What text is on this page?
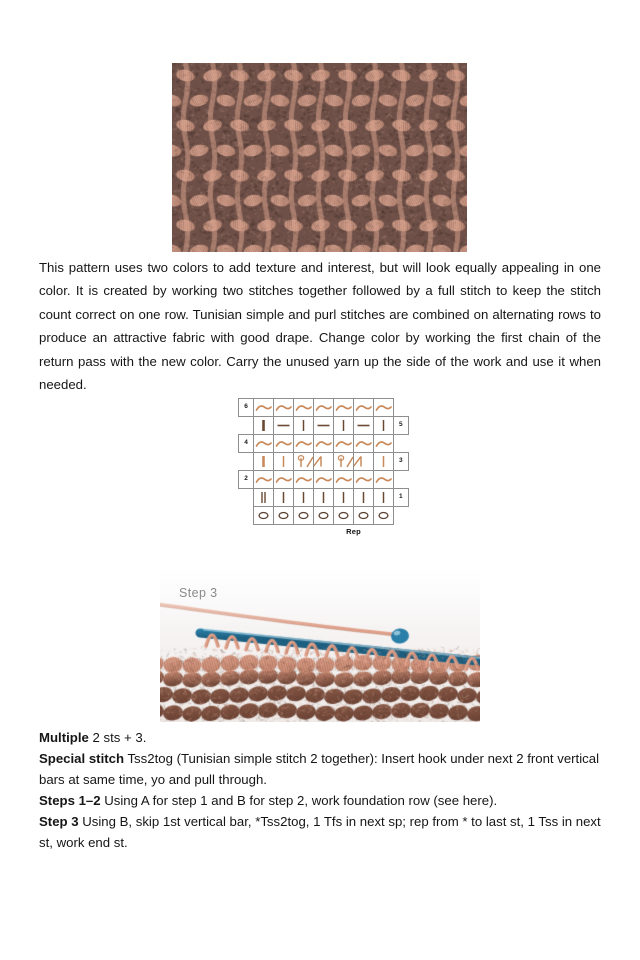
This pattern uses two colors to add texture and interest, but will look equally appealing in one color. It is created by working two stitches together followed by a full stitch to keep the stitch count correct on one row. Tunisian simple and purl stitches are combined on alternating rows to produce an attractive fabric with good drape. Change color by working the first chain of the return pass with the new color. Carry the unused yarn up the side of the work and use it when needed.
6	

	5
4	

	3
2	

	1

					Rep			
Step 3

Multiple 2 sts + 3.

Special stitch Tss2tog (Tunisian simple stitch 2 together): Insert hook under next 2 front vertical bars at same time, yo and pull through.

Steps 1–2 Using A for step 1 and B for step 2, work foundation row (see here).

Step 3 Using B, skip 1st vertical bar, *Tss2tog, 1 Tfs in next sp; rep from * to last st, 1 Tss in next st, work end st.
